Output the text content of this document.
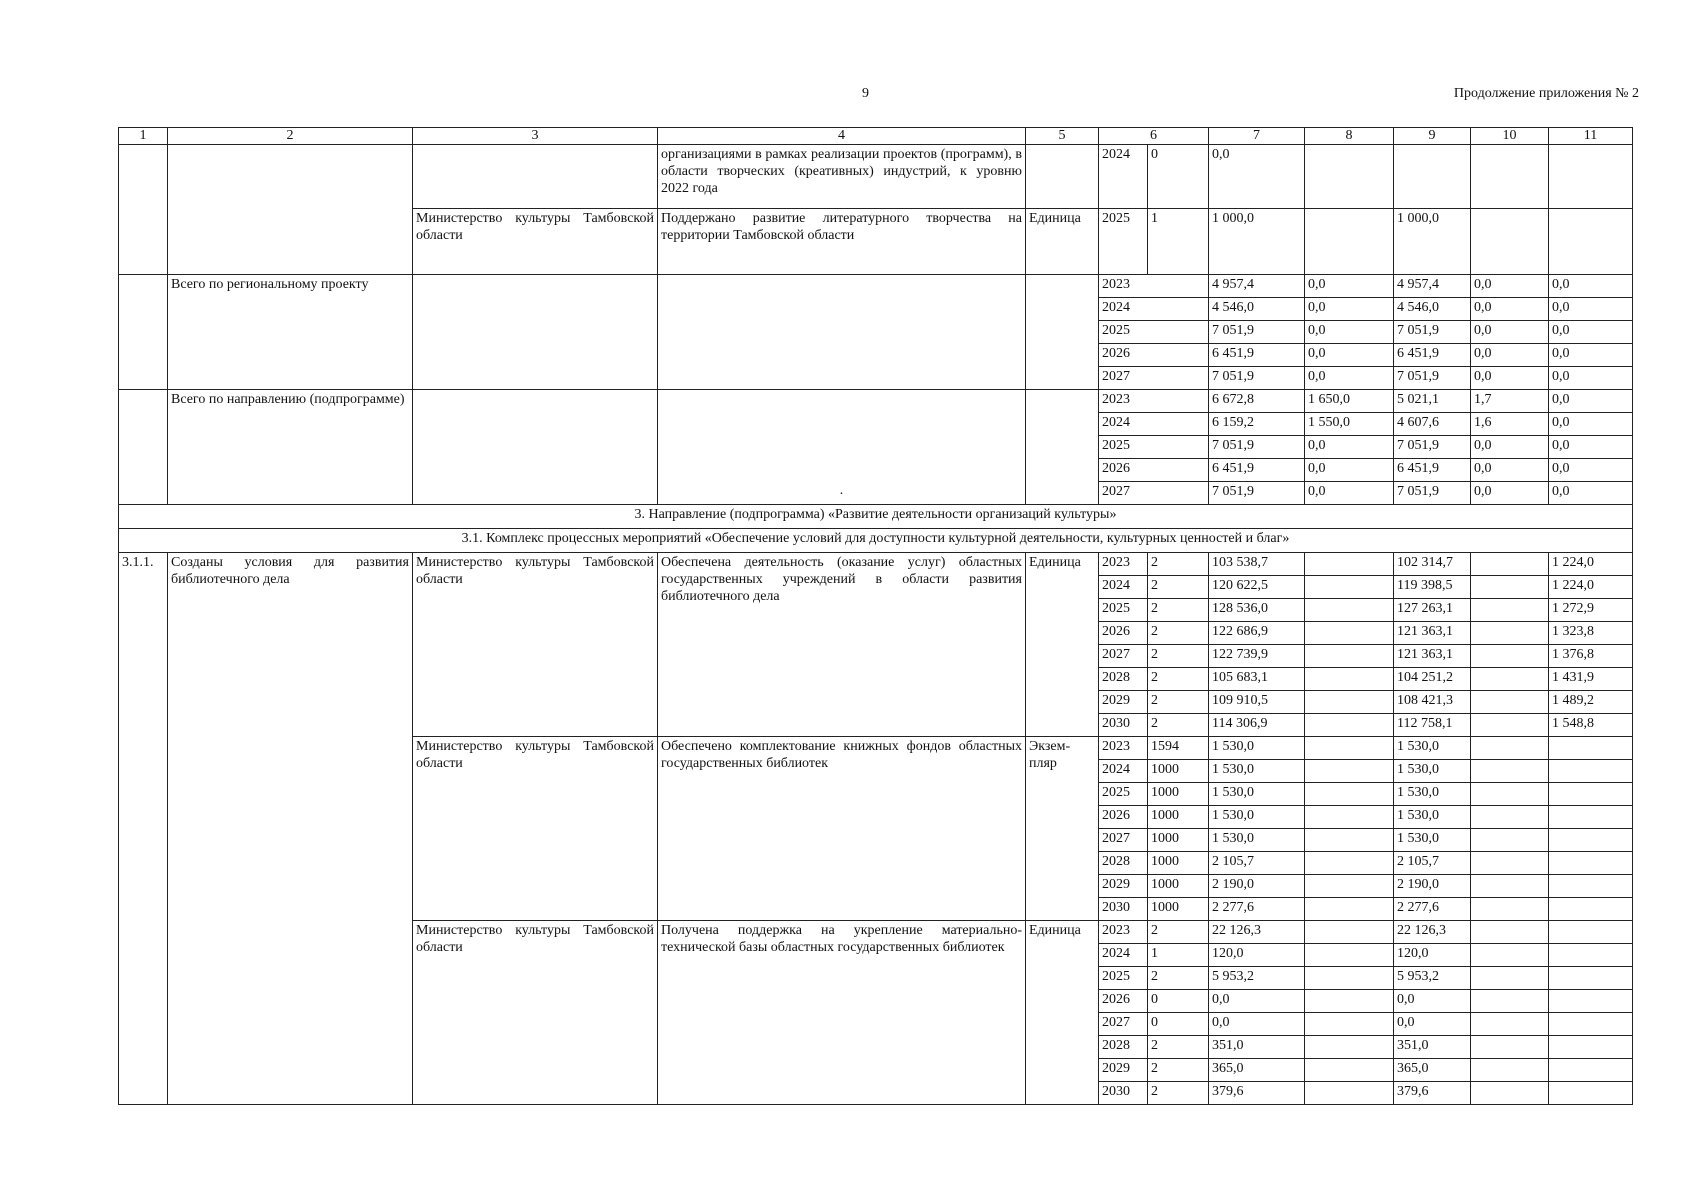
9	Продолжение приложения № 2
1	2	3	4	5	6		7	8	9	10	11
			организациями в рамках реализации проектов (программ), в области творческих (креативных) индустрий, к уровню 2022 года		2024	0	0,0				
		Министерство культуры Тамбовской области	Поддержано развитие литературного творчества на территории Тамбовской области	Единица	2025	1	1 000,0		1 000,0		
	Всего по региональному проекту				2023		4 957,4	0,0	4 957,4	0,0	0,0
					2024		4 546,0	0,0	4 546,0	0,0	0,0
					2025		7 051,9	0,0	7 051,9	0,0	0,0
					2026		6 451,9	0,0	6 451,9	0,0	0,0
					2027		7 051,9	0,0	7 051,9	0,0	0,0
	Всего по направлению (подпрограмме)		·		2023		6 672,8	1 650,0	5 021,1	1,7	0,0
					2024		6 159,2	1 550,0	4 607,6	1,6	0,0
					2025		7 051,9	0,0	7 051,9	0,0	0,0
					2026		6 451,9	0,0	6 451,9	0,0	0,0
					2027		7 051,9	0,0	7 051,9	0,0	0,0
3. Направление (подпрограмма) «Развитие деятельности организаций культуры»											
3.1. Комплекс процессных мероприятий «Обеспечение условий для доступности культурной деятельности, культурных ценностей и благ»											
3.1.1.	Созданы условия для развития библиотечного дела	Министерство культуры Тамбовской области	Обеспечена деятельность (оказание услуг) областных государственных учреждений в области развития библиотечного дела	Единица	2023	2	103 538,7		102 314,7		1 224,0
					2024	2	120 622,5		119 398,5		1 224,0
					2025	2	128 536,0		127 263,1		1 272,9
					2026	2	122 686,9		121 363,1		1 323,8
					2027	2	122 739,9		121 363,1		1 376,8
					2028	2	105 683,1		104 251,2		1 431,9
					2029	2	109 910,5		108 421,3		1 489,2
					2030	2	114 306,9		112 758,1		1 548,8
		Министерство культуры Тамбовской области	Обеспечено комплектование книжных фондов областных государственных библиотек	Экзем-пляр	2023	1594	1 530,0		1 530,0		
					2024	1000	1 530,0		1 530,0		
					2025	1000	1 530,0		1 530,0		
					2026	1000	1 530,0		1 530,0		
					2027	1000	1 530,0		1 530,0		
					2028	1000	2 105,7		2 105,7		
					2029	1000	2 190,0		2 190,0		
					2030	1000	2 277,6		2 277,6		
		Министерство культуры Тамбовской области	Получена поддержка на укрепление материально-технической базы областных государственных библиотек	Единица	2023	2	22 126,3		22 126,3		
					2024	1	120,0		120,0		
					2025	2	5 953,2		5 953,2		
					2026	0	0,0		0,0		
					2027	0	0,0		0,0		
					2028	2	351,0		351,0		
					2029	2	365,0		365,0		
					2030	2	379,6		379,6		
